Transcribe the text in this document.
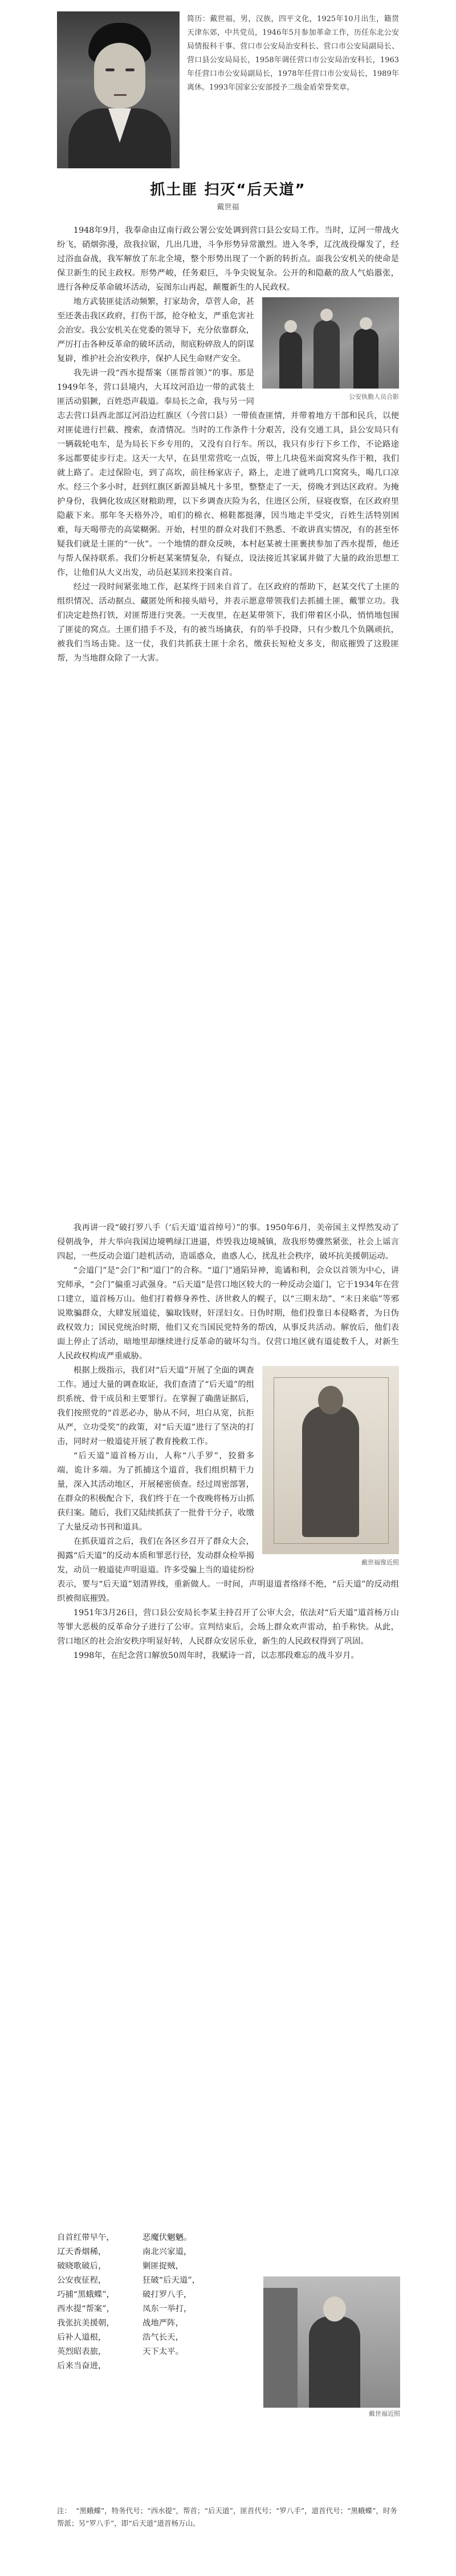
简历：戴世福，男，汉族，四平文化，1925年10月出生，籍贯天津东郊，中共党员，1946年5月参加革命工作，历任东北公安局情报科干事、营口市公安局治安科长、营口市公安局副局长、营口县公安局局长，1958年调任营口市公安局治安科长，1963年任营口市公安局副局长，1978年任营口市公安局长，1989年离休。1993年国家公安部授予二级金盾荣誉奖章。
抓土匪 扫灭“后天道”
戴世福

1948年9月，我奉命由辽南行政公署公安处调到营口县公安局工作。当时，辽河一带战火纷飞，硝烟弥漫，敌我拉锯，几出几进，斗争形势异常激烈。进入冬季，辽沈战役爆发了，经过浴血奋战，我军解放了东北全境，整个形势出现了一个新的转折点。面我公安机关的使命是保卫新生的民主政权。形势严峻，任务艰巨，斗争尖锐复杂。公开的和隐蔽的敌人气焰嚣张，进行各种反革命破坏活动，妄图东山再起，颠覆新生的人民政权。

公安执勤人员合影

地方武装匪徒活动频繁，打家劫舍，草菅人命，甚至还袭击我区政府，打伤干部，抢夺枪支，严重危害社会治安。我公安机关在党委的领导下，充分依靠群众，严厉打击各种反革命的破坏活动，彻底粉碎敌人的阴谋复辟，维护社会治安秩序，保护人民生命财产安全。

我先讲一段“西水提帮案（匪帮首领）”的事。那是1949年冬，营口县境内，大耳坟河沿边一带的武装土匪活动猖獗，百姓恐声载道。奉局长之命，我与另一同志去营口县西北部辽河沿边红旗区（今营口县）一带侦查匪情，并带着地方干部和民兵，以便对匪徒进行拦截、搜索，查清情况。当时的工作条件十分艰苦，没有交通工具，县公安局只有一辆载轮电车，是为局长下乡专用的，又没有自行车。所以，我只有步行下乡工作，不论路途多远都要徒步行走。这天一大早，在县里常营吃一点饭，带上几块苞米面窝窝头作干粮，我们就上路了。走过保险屯，到了高坎，前往杨家店子，路上，走进了就鸣几口窝窝头，喝几口凉水。经三个多小时，赶到红旗区新源县城凡十多里，整整走了一天，傍晚才到达区政府。为掩护身份，我俩化妆成区财粮助理，以下乡调查庆险为名，住进区公所，昼寝夜察，在区政府里隐蔽下来。那年冬天格外冷，咱们的棉衣、棉鞋都挺薄，因当地走半受灾，百姓生活特别困难，每天喝带壳的高粱糊粥。开始，村里的群众对我们不熟悉、不敢讲真实情况，有的甚至怀疑我们就是土匪的“一伙”。一个地情的群众反映，本村赵某被土匪裹挟参加了西水提帮，他还与帮人保持联系。我们分析赵某案情复杂，有疑点，设法接近其家属并做了大量的政治思想工作，让他们从大义出发，动员赵某回来投案自首。

经过一段时间紧张地工作，赵某终于回来自首了。在区政府的帮助下，赵某交代了土匪的组织情况、活动据点、藏匿处所和接头暗号，并表示愿意带领我们去抓捕土匪，戴罪立功。我们决定趁热打铁，对匪帮进行突袭。一天夜里，在赵某带领下，我们带着区小队，悄悄地包围了匪徒的窝点。土匪们措手不及，有的被当场擒获，有的举手投降，只有少数几个负隅顽抗，被我们当场击毙。这一仗，我们共抓获土匪十余名，缴获长短枪支多支，彻底摧毁了这股匪帮，为当地群众除了一大害。

我再讲一段“破打罗八手（‘后天道’道首绰号）”的事。1950年6月，美帝国主义悍然发动了侵朝战争，并大举向我国边境鸭绿江进逼，炸毁我边境城镇，敌我形势骤然紧张，社会上谣言四起，一些反动会道门趁机活动，造谣惑众，蛊惑人心，扰乱社会秩序，破坏抗美援朝运动。

“会道门”是“会门”和“道门”的合称。“道门”通陷异神，诡谲和利，会众以首领为中心，讲究师承，“会门”偏重习武强身。“后天道”是营口地区较大的一种反动会道门，它于1934年在营口建立，道首杨万山。他们打着修身养性、济世救人的幌子，以“三期末劫”、“末日来临”等邪说欺骗群众，大肆发展道徒，骗取钱财，奸淫妇女。日伪时期，他们投靠日本侵略者，为日伪政权效力；国民党统治时期，他们又充当国民党特务的帮凶，从事反共活动。解放后，他们表面上停止了活动，暗地里却继续进行反革命的破坏勾当。仅营口地区就有道徒数千人，对新生人民政权构成严重威胁。

戴世福像近照

根据上级指示，我们对“后天道”开展了全面的调查工作。通过大量的调查取证，我们查清了“后天道”的组织系统、骨干成员和主要罪行。在掌握了确凿证据后，我们按照党的“首恶必办，胁从不问，坦白从宽，抗拒从严，立功受奖”的政策，对“后天道”进行了坚决的打击，同时对一般道徒开展了教育挽救工作。

“后天道”道首杨万山，人称“八手罗”，狡猾多端，诡计多端。为了抓捕这个道首，我们组织精干力量，深入其活动地区，开展秘密侦查。经过周密部署，在群众的积极配合下，我们终于在一个夜晚将杨万山抓获归案。随后，我们又陆续抓获了一批骨干分子，收缴了大量反动书刊和道具。

在抓获道首之后，我们在各区乡召开了群众大会，揭露“后天道”的反动本质和罪恶行径，发动群众检举揭发，动员一般道徒声明退道。许多受骗上当的道徒纷纷表示，要与“后天道”划清界线，重新做人。一时间，声明退道者络绎不绝，“后天道”的反动组织被彻底摧毁。

1951年3月26日，营口县公安局长李某主持召开了公审大会，依法对“后天道”道首杨万山等罪大恶极的反革命分子进行了公审。宣判结束后，会场上群众欢声雷动，拍手称快。从此，营口地区的社会治安秩序明显好转，人民群众安居乐业，新生的人民政权得到了巩固。

1998年，在纪念营口解放50周年时，我赋诗一首，以志那段难忘的战斗岁月。

自首红带早午，
辽天香烟稀，
破晓歌破后，
公安夜征程，
巧捕“黑蛾蝶”，
西水提“帮案”，
我张抗美援朝，
后补人道根，
英烈昭表旅，
后来当奋进，
恶魔伏魍魉。
南北兴家道，
剿匪捉贼，
狂破“后天道”，
破打罗八手，
凤东一举打，
战地严阵，
浩气长天，
天下太平。
戴世福近照
注： “黑蛾蝶”，特务代号；“西水提”，帮首；“后天道”，匪首代号；“罗八手”，道首代号；“黑蛾蝶”，时务帮派；另“罗八手”，即“后天道”道首杨万山。
